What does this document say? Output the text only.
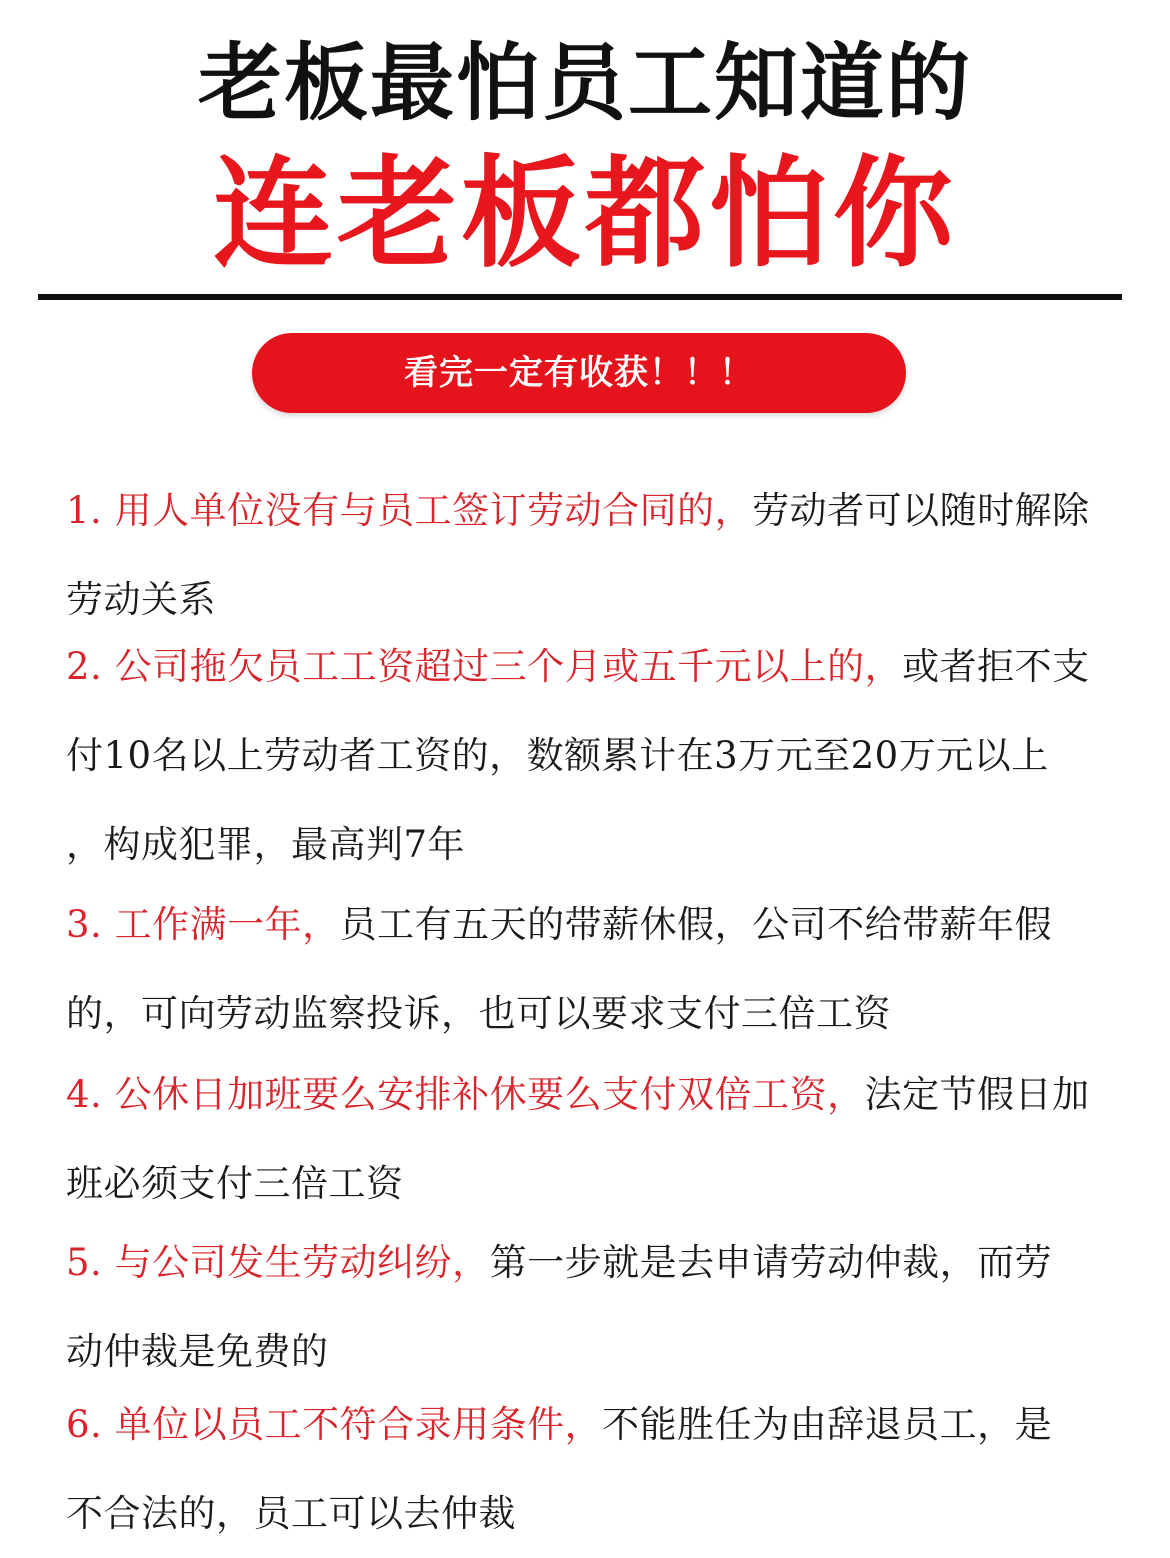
老板最怕员工知道的
连老板都怕你
看完一定有收获！！！
1. 用人单位没有与员工签订劳动合同的，劳动者可以随时解除
劳动关系
2. 公司拖欠员工工资超过三个月或五千元以上的，或者拒不支
付10名以上劳动者工资的，数额累计在3万元至20万元以上
，构成犯罪，最高判7年
3. 工作满一年，员工有五天的带薪休假，公司不给带薪年假
的，可向劳动监察投诉，也可以要求支付三倍工资
4. 公休日加班要么安排补休要么支付双倍工资，法定节假日加
班必须支付三倍工资
5. 与公司发生劳动纠纷，第一步就是去申请劳动仲裁，而劳
动仲裁是免费的
6. 单位以员工不符合录用条件，不能胜任为由辞退员工，是
不合法的，员工可以去仲裁
